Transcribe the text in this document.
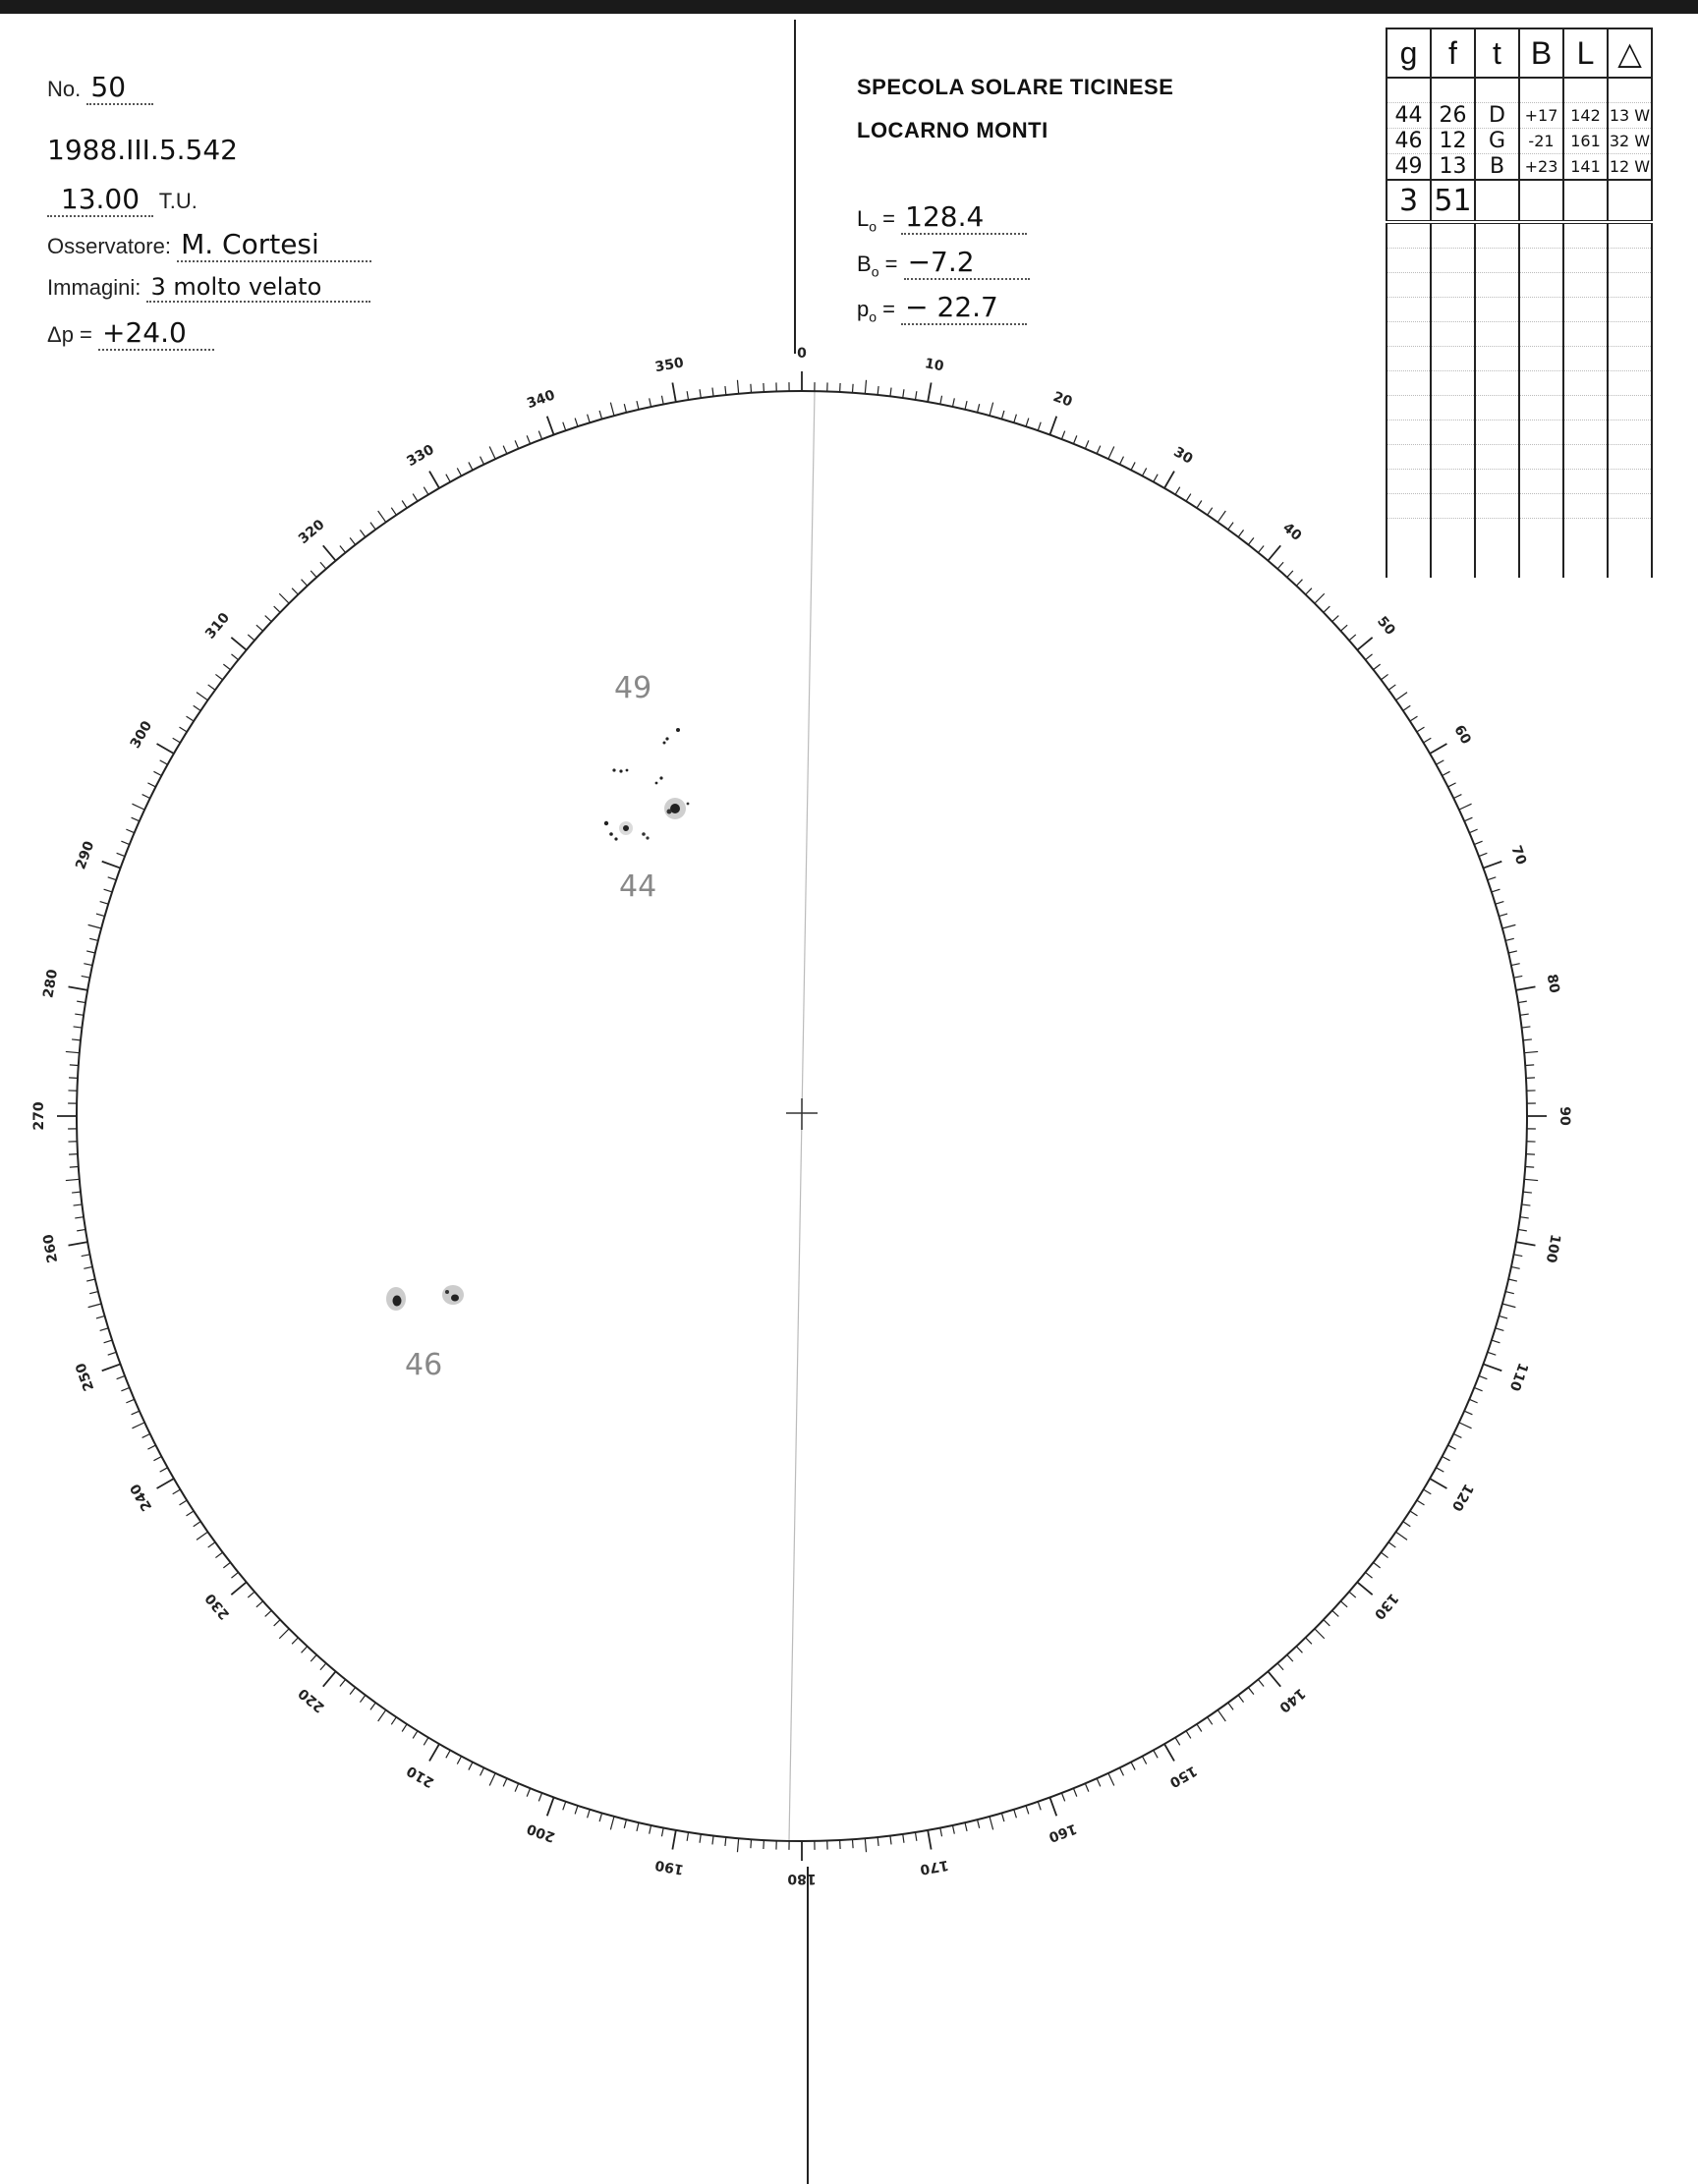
No. 50
1988.III.5.542
13.00 T.U.
Osservatore: M. Cortesi
Immagini: 3 molto velato
Δp = +24.0
SPECOLA SOLARE TICINESE
LOCARNO MONTI
$L_o = 128.4$
$B_o = -7.2$
$p_o$ = − 22.7
g	f	t	B	L	△

44	26	D	+17	142	13 W
46	12	G	-21	161	32 W
49	13	B	+23	141	12 W
3	51				

0
10
20
30
40
50
60
70
80
90
100
110
120
130
140
150
160
170
180
190
200
210
220
230
240
250
260
270
280
290
300
310
320
330
340
350
49
44
46
